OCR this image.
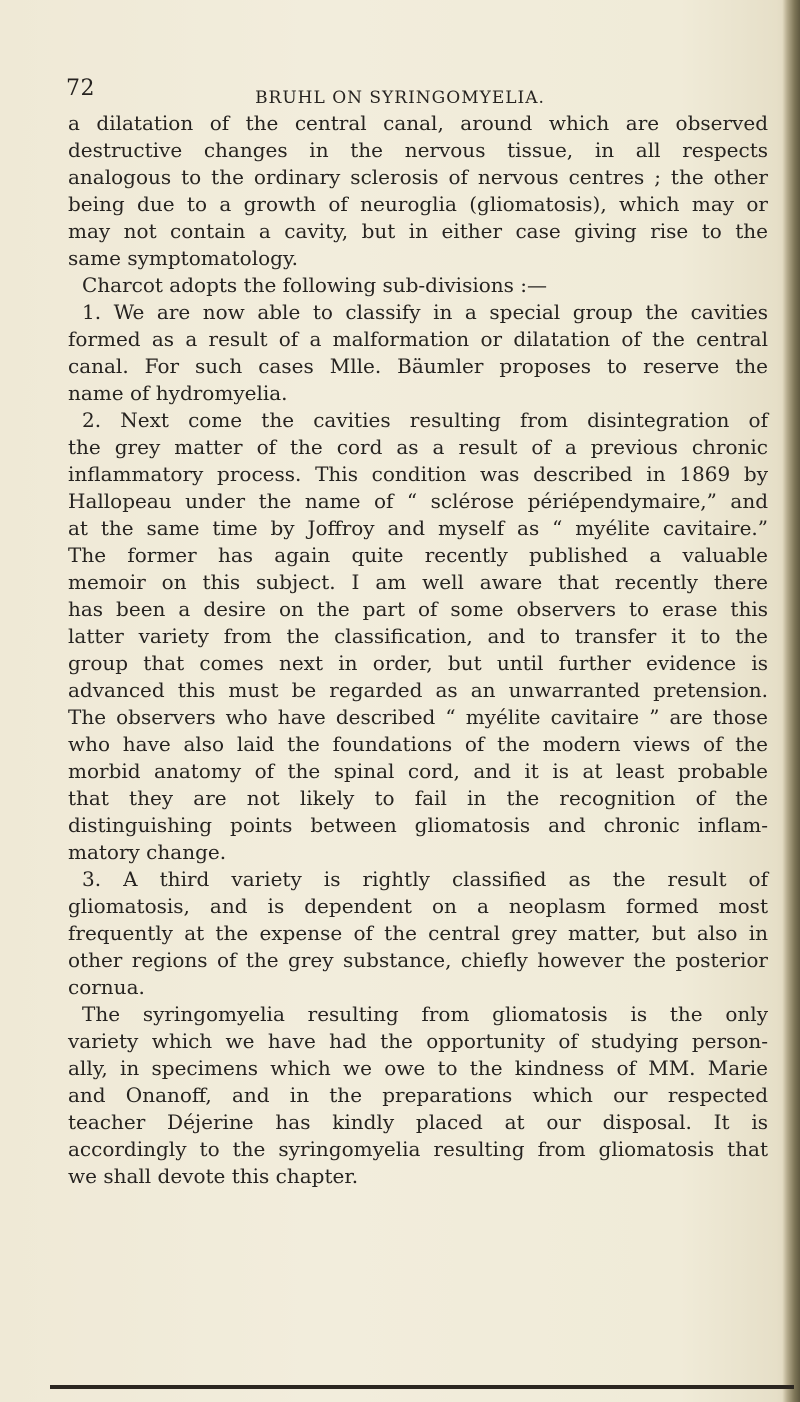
72	BRUHL ON SYRINGOMYELIA.
a dilatation of the central canal, around which are observed
destructive changes in the nervous tissue, in all respects
analogous to the ordinary sclerosis of nervous centres ; the other
being due to a growth of neuroglia (gliomatosis), which may or
may not contain a cavity, but in either case giving rise to the
same symptomatology.
Charcot adopts the following sub-divisions :—
1. We are now able to classify in a special group the cavities
formed as a result of a malformation or dilatation of the central
canal. For such cases Mlle. Bäumler proposes to reserve the
name of hydromyelia.
2. Next come the cavities resulting from disintegration of
the grey matter of the cord as a result of a previous chronic
inflammatory process. This condition was described in 1869 by
Hallopeau under the name of “ sclérose périépendymaire,” and
at the same time by Joffroy and myself as “ myélite cavitaire.”
The former has again quite recently published a valuable
memoir on this subject. I am well aware that recently there
has been a desire on the part of some observers to erase this
latter variety from the classification, and to transfer it to the
group that comes next in order, but until further evidence is
advanced this must be regarded as an unwarranted pretension.
The observers who have described “ myélite cavitaire ” are those
who have also laid the foundations of the modern views of the
morbid anatomy of the spinal cord, and it is at least probable
that they are not likely to fail in the recognition of the
distinguishing points between gliomatosis and chronic inflam-
matory change.
3. A third variety is rightly classified as the result of
gliomatosis, and is dependent on a neoplasm formed most
frequently at the expense of the central grey matter, but also in
other regions of the grey substance, chiefly however the posterior
cornua.
The syringomyelia resulting from gliomatosis is the only
variety which we have had the opportunity of studying person-
ally, in specimens which we owe to the kindness of MM. Marie
and Onanoff, and in the preparations which our respected
teacher Déjerine has kindly placed at our disposal. It is
accordingly to the syringomyelia resulting from gliomatosis that
we shall devote this chapter.
